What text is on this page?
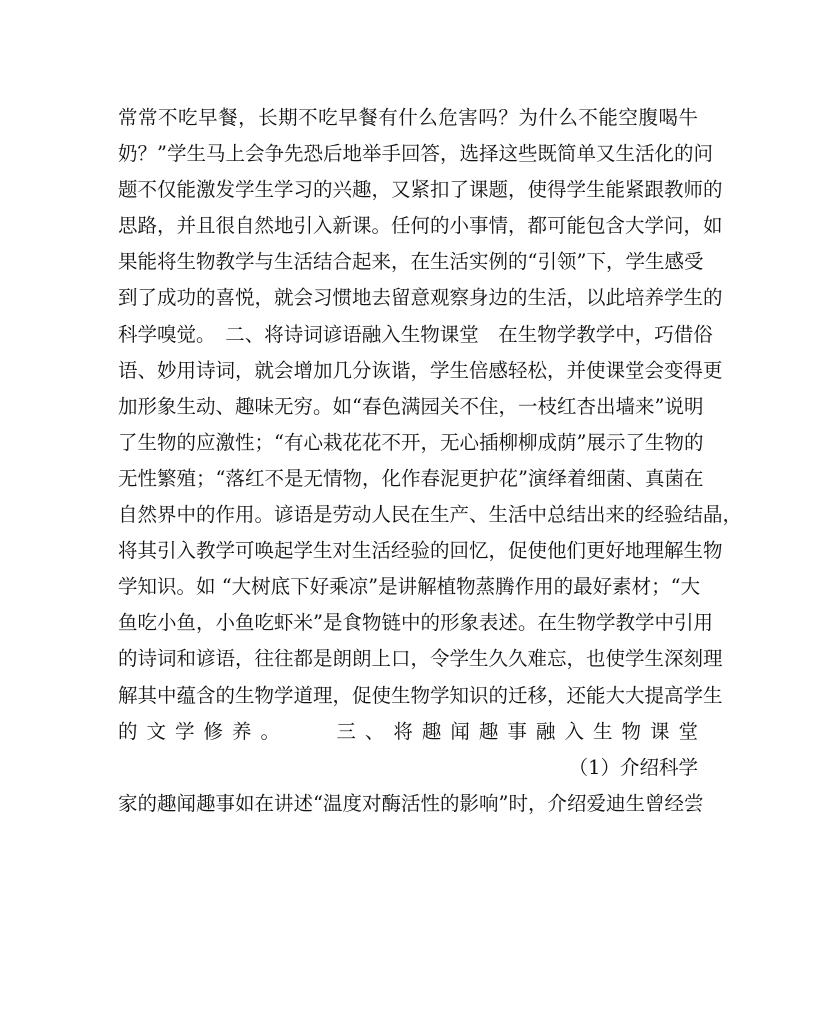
常常不吃早餐，长期不吃早餐有什么危害吗？为什么不能空腹喝牛
奶？”学生马上会争先恐后地举手回答，选择这些既简单又生活化的问
题不仅能激发学生学习的兴趣，又紧扣了课题，使得学生能紧跟教师的
思路，并且很自然地引入新课。任何的小事情，都可能包含大学问，如
果能将生物教学与生活结合起来，在生活实例的“引领”下，学生感受
到了成功的喜悦，就会习惯地去留意观察身边的生活，以此培养学生的
科学嗅觉。　二、将诗词谚语融入生物课堂　在生物学教学中，巧借俗
语、妙用诗词，就会增加几分诙谐，学生倍感轻松，并使课堂会变得更
加形象生动、趣味无穷。如“春色满园关不住，一枝红杏出墙来”说明
了生物的应激性；“有心栽花花不开，无心插柳柳成荫”展示了生物的
无性繁殖；“落红不是无情物，化作春泥更护花”演绎着细菌、真菌在
自然界中的作用。谚语是劳动人民在生产、生活中总结出来的经验结晶，
将其引入教学可唤起学生对生活经验的回忆，促使他们更好地理解生物
学知识。如 “大树底下好乘凉”是讲解植物蒸腾作用的最好素材；“大
鱼吃小鱼，小鱼吃虾米”是食物链中的形象表述。在生物学教学中引用
的诗词和谚语，往往都是朗朗上口，令学生久久难忘，也使学生深刻理
解其中蕴含的生物学道理，促使生物学知识的迁移，还能大大提高学生
的文学修养。　　三、将趣闻趣事融入生物课堂
（1）介绍科学
家的趣闻趣事如在讲述“温度对酶活性的影响”时，介绍爱迪生曾经尝
